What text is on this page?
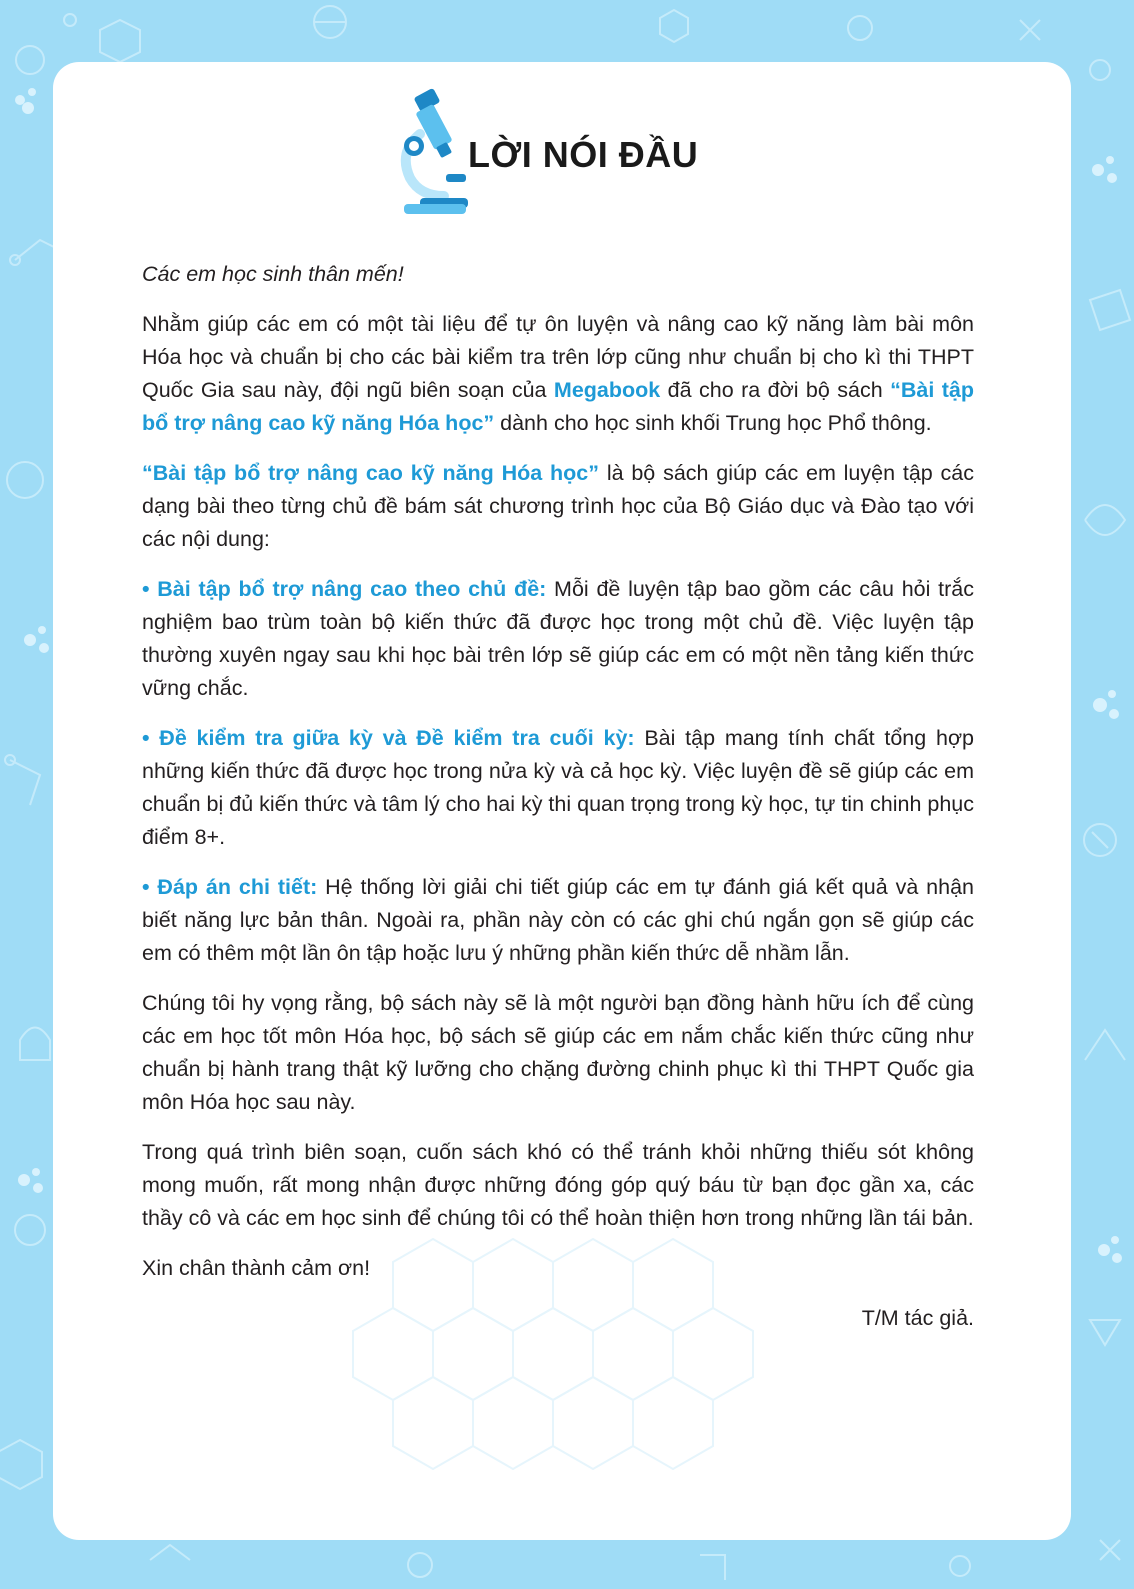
LỜI NÓI ĐẦU

Các em học sinh thân mến!

Nhằm giúp các em có một tài liệu để tự ôn luyện và nâng cao kỹ năng làm bài môn Hóa học và chuẩn bị cho các bài kiểm tra trên lớp cũng như chuẩn bị cho kì thi THPT Quốc Gia sau này, đội ngũ biên soạn của Megabook đã cho ra đời bộ sách “Bài tập bổ trợ nâng cao kỹ năng Hóa học” dành cho học sinh khối Trung học Phổ thông.

“Bài tập bổ trợ nâng cao kỹ năng Hóa học” là bộ sách giúp các em luyện tập các dạng bài theo từng chủ đề bám sát chương trình học của Bộ Giáo dục và Đào tạo với các nội dung:

• Bài tập bổ trợ nâng cao theo chủ đề: Mỗi đề luyện tập bao gồm các câu hỏi trắc nghiệm bao trùm toàn bộ kiến thức đã được học trong một chủ đề. Việc luyện tập thường xuyên ngay sau khi học bài trên lớp sẽ giúp các em có một nền tảng kiến thức vững chắc.

• Đề kiểm tra giữa kỳ và Đề kiểm tra cuối kỳ: Bài tập mang tính chất tổng hợp những kiến thức đã được học trong nửa kỳ và cả học kỳ. Việc luyện đề sẽ giúp các em chuẩn bị đủ kiến thức và tâm lý cho hai kỳ thi quan trọng trong kỳ học, tự tin chinh phục điểm 8+.

• Đáp án chi tiết: Hệ thống lời giải chi tiết giúp các em tự đánh giá kết quả và nhận biết năng lực bản thân. Ngoài ra, phần này còn có các ghi chú ngắn gọn sẽ giúp các em có thêm một lần ôn tập hoặc lưu ý những phần kiến thức dễ nhầm lẫn.

Chúng tôi hy vọng rằng, bộ sách này sẽ là một người bạn đồng hành hữu ích để cùng các em học tốt môn Hóa học, bộ sách sẽ giúp các em nắm chắc kiến thức cũng như chuẩn bị hành trang thật kỹ lưỡng cho chặng đường chinh phục kì thi THPT Quốc gia môn Hóa học sau này.

Trong quá trình biên soạn, cuốn sách khó có thể tránh khỏi những thiếu sót không mong muốn, rất mong nhận được những đóng góp quý báu từ bạn đọc gần xa, các thầy cô và các em học sinh để chúng tôi có thể hoàn thiện hơn trong những lần tái bản.

Xin chân thành cảm ơn!

T/M tác giả.
